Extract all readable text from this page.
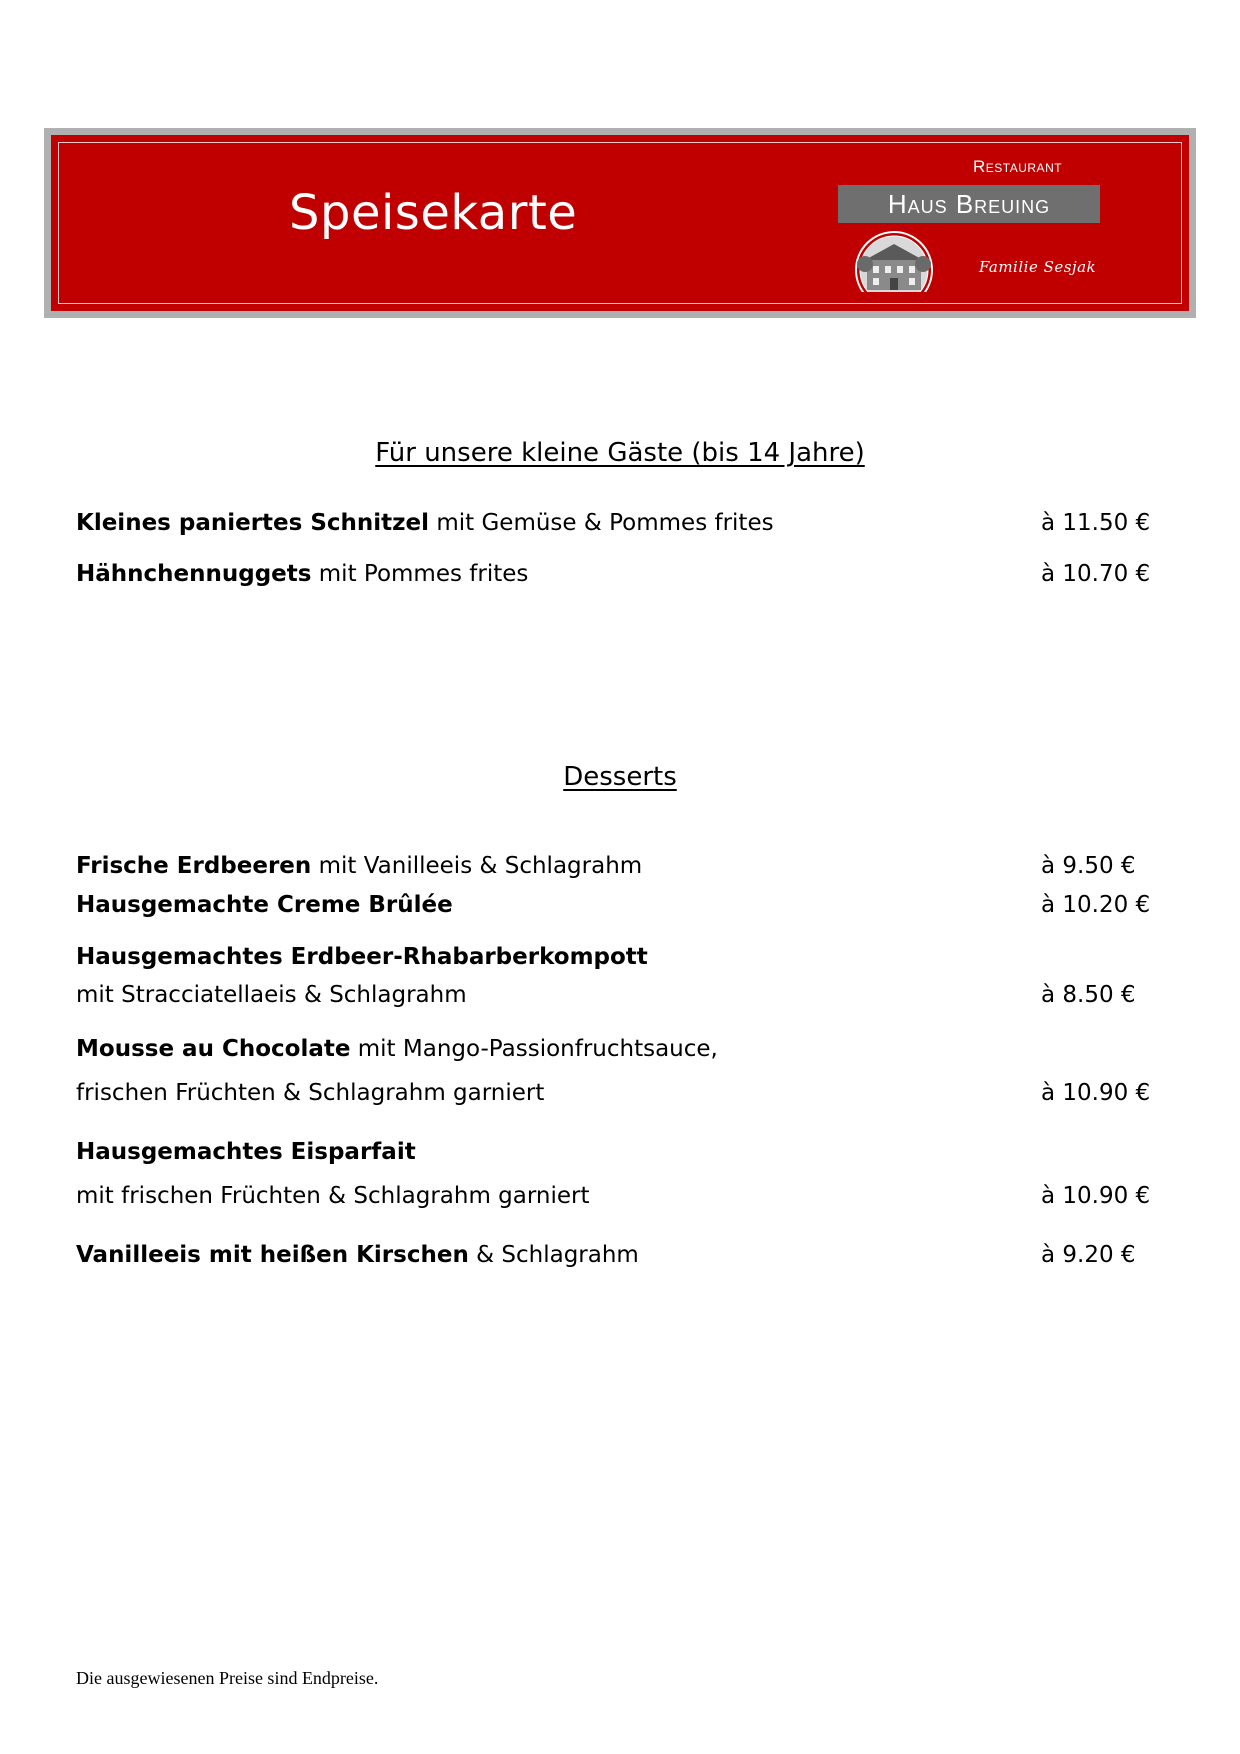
Speisekarte
Restaurant
Haus Breuing
Familie Sesjak
Für unsere kleine Gäste (bis 14 Jahre)
Kleines paniertes Schnitzel mit Gemüse & Pommes frites	à 11.50 €
Hähnchennuggets mit Pommes frites	à 10.70 €
Desserts
Frische Erdbeeren mit Vanilleeis & Schlagrahm	à 9.50 €
Hausgemachte Creme Brûlée	à 10.20 €
Hausgemachtes Erdbeer-Rhabarberkompott
mit Stracciatellaeis & Schlagrahm	à 8.50 €
Mousse au Chocolate mit Mango-Passionfruchtsauce,
frischen Früchten & Schlagrahm garniert	à 10.90 €
Hausgemachtes Eisparfait
mit frischen Früchten & Schlagrahm garniert	à 10.90 €
Vanilleeis mit heißen Kirschen & Schlagrahm	à 9.20 €
Die ausgewiesenen Preise sind Endpreise.
